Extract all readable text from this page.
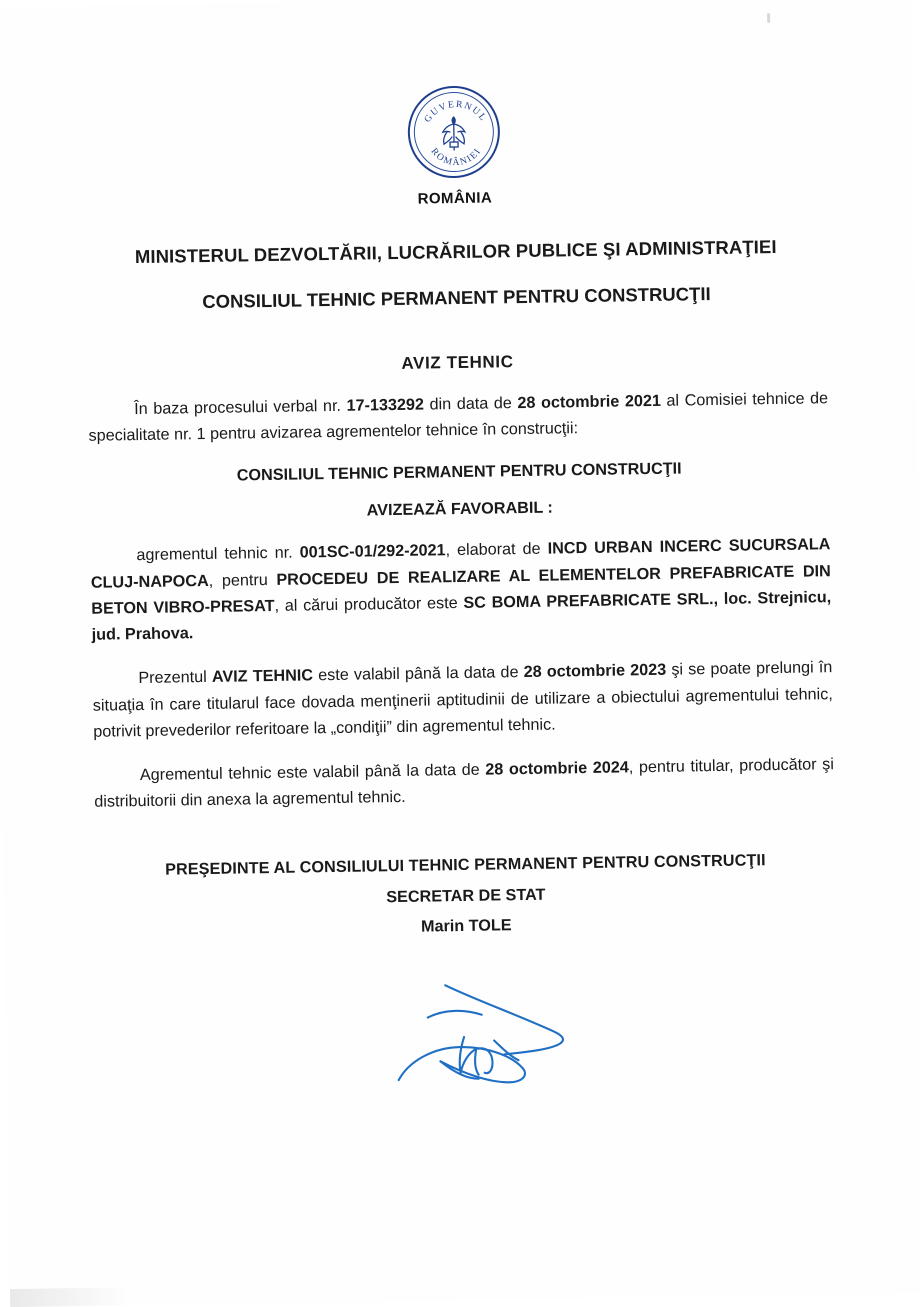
GUVERNUL
ROMÂNIEI
ROMÂNIA
MINISTERUL DEZVOLTĂRII, LUCRĂRILOR PUBLICE ŞI ADMINISTRAŢIEI
CONSILIUL TEHNIC PERMANENT PENTRU CONSTRUCŢII
AVIZ TEHNIC

În baza procesului verbal nr. 17-133292 din data de 28 octombrie 2021 al Comisiei tehnice de specialitate nr. 1 pentru avizarea agrementelor tehnice în construcţii:

CONSILIUL TEHNIC PERMANENT PENTRU CONSTRUCŢII
AVIZEAZĂ FAVORABIL :

agrementul tehnic nr. 001SC-01/292-2021, elaborat de INCD URBAN INCERC SUCURSALA CLUJ-NAPOCA, pentru PROCEDEU DE REALIZARE AL ELEMENTELOR PREFABRICATE DIN BETON VIBRO-PRESAT, al cărui producător este SC BOMA PREFABRICATE SRL., loc. Strejnicu, jud. Prahova.

Prezentul AVIZ TEHNIC este valabil până la data de 28 octombrie 2023 şi se poate prelungi în situaţia în care titularul face dovada menţinerii aptitudinii de utilizare a obiectului agrementului tehnic, potrivit prevederilor referitoare la „condiţii” din agrementul tehnic.

Agrementul tehnic este valabil până la data de 28 octombrie 2024, pentru titular, producător şi distribuitorii din anexa la agrementul tehnic.

PREŞEDINTE AL CONSILIULUI TEHNIC PERMANENT PENTRU CONSTRUCŢII
SECRETAR DE STAT
Marin TOLE
